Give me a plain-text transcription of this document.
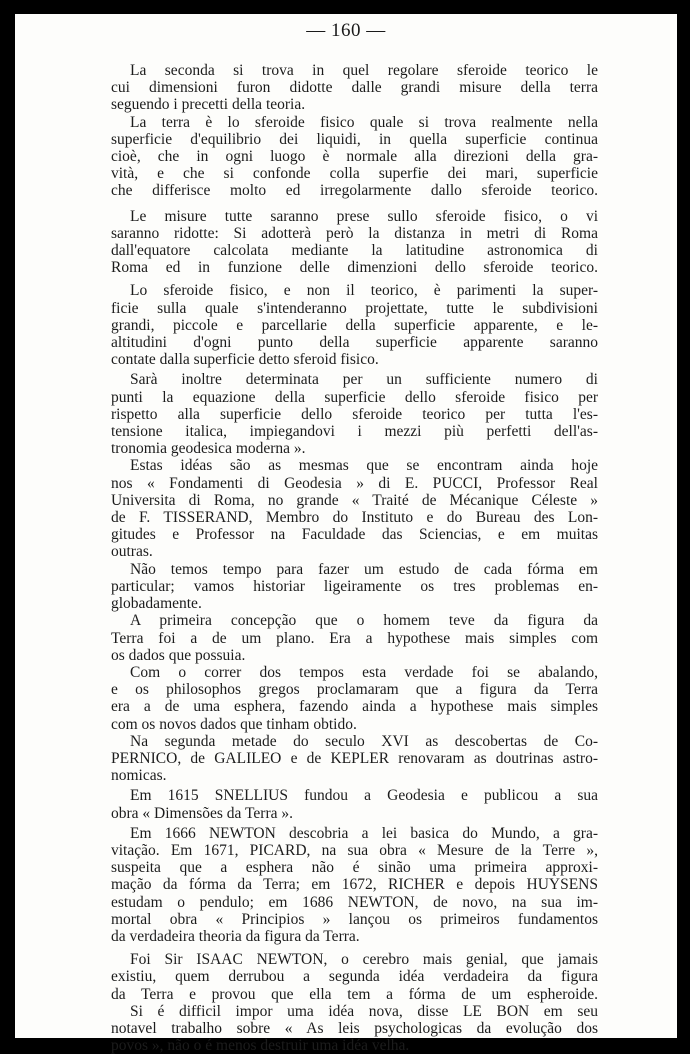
— 160 —
La seconda si trova in quel regolare sferoide teorico le
cui dimensioni furon didotte dalle grandi misure della terra
seguendo i precetti della teoria.
La terra è lo sferoide fisico quale si trova realmente nella
superficie d'equilibrio dei liquidi, in quella superficie continua
cioè, che in ogni luogo è normale alla direzioni della gra-
vità, e che si confonde colla superfie dei mari, superficie
che differisce molto ed irregolarmente dallo sferoide teorico.
Le misure tutte saranno prese sullo sferoide fisico, o vi
saranno ridotte: Si adotterà però la distanza in metri di Roma
dall'equatore calcolata mediante la latitudine astronomica di
Roma ed in funzione delle dimenzioni dello sferoide teorico.
Lo sferoide fisico, e non il teorico, è parimenti la super-
ficie sulla quale s'intenderanno projettate, tutte le subdivisioni
grandi, piccole e parcellarie della superficie apparente, e le-
altitudini d'ogni punto della superficie apparente saranno
contate dalla superficie detto sferoid fisico.
Sarà inoltre determinata per un sufficiente numero di
punti la equazione della superficie dello sferoide fisico per
rispetto alla superficie dello sferoide teorico per tutta l'es-
tensione italica, impiegandovi i mezzi più perfetti dell'as-
tronomia geodesica moderna ».
Estas idéas são as mesmas que se encontram ainda hoje
nos « Fondamenti di Geodesia » di E. PUCCI, Professor Real
Universita di Roma, no grande « Traité de Mécanique Céleste »
de F. TISSERAND, Membro do Instituto e do Bureau des Lon-
gitudes e Professor na Faculdade das Sciencias, e em muitas
outras.
Não temos tempo para fazer um estudo de cada fórma em
particular; vamos historiar ligeiramente os tres problemas en-
globadamente.
A primeira concepção que o homem teve da figura da
Terra foi a de um plano. Era a hypothese mais simples com
os dados que possuia.
Com o correr dos tempos esta verdade foi se abalando,
e os philosophos gregos proclamaram que a figura da Terra
era a de uma esphera, fazendo ainda a hypothese mais simples
com os novos dados que tinham obtido.
Na segunda metade do seculo XVI as descobertas de Co-
PERNICO, de GALILEO e de KEPLER renovaram as doutrinas astro-
nomicas.
Em 1615 SNELLIUS fundou a Geodesia e publicou a sua
obra « Dimensões da Terra ».
Em 1666 NEWTON descobria a lei basica do Mundo, a gra-
vitação. Em 1671, PICARD, na sua obra « Mesure de la Terre »,
suspeita que a esphera não é sinão uma primeira approxi-
mação da fórma da Terra; em 1672, RICHER e depois HUYSENS
estudam o pendulo; em 1686 NEWTON, de novo, na sua im-
mortal obra « Principios » lançou os primeiros fundamentos
da verdadeira theoria da figura da Terra.
Foi Sir ISAAC NEWTON, o cerebro mais genial, que jamais
existiu, quem derrubou a segunda idéa verdadeira da figura
da Terra e provou que ella tem a fórma de um espheroide.
Si é difficil impor uma idéa nova, disse LE BON em seu
notavel trabalho sobre « As leis psychologicas da evolução dos
povos », não o é menos destruir uma idéa velha.
